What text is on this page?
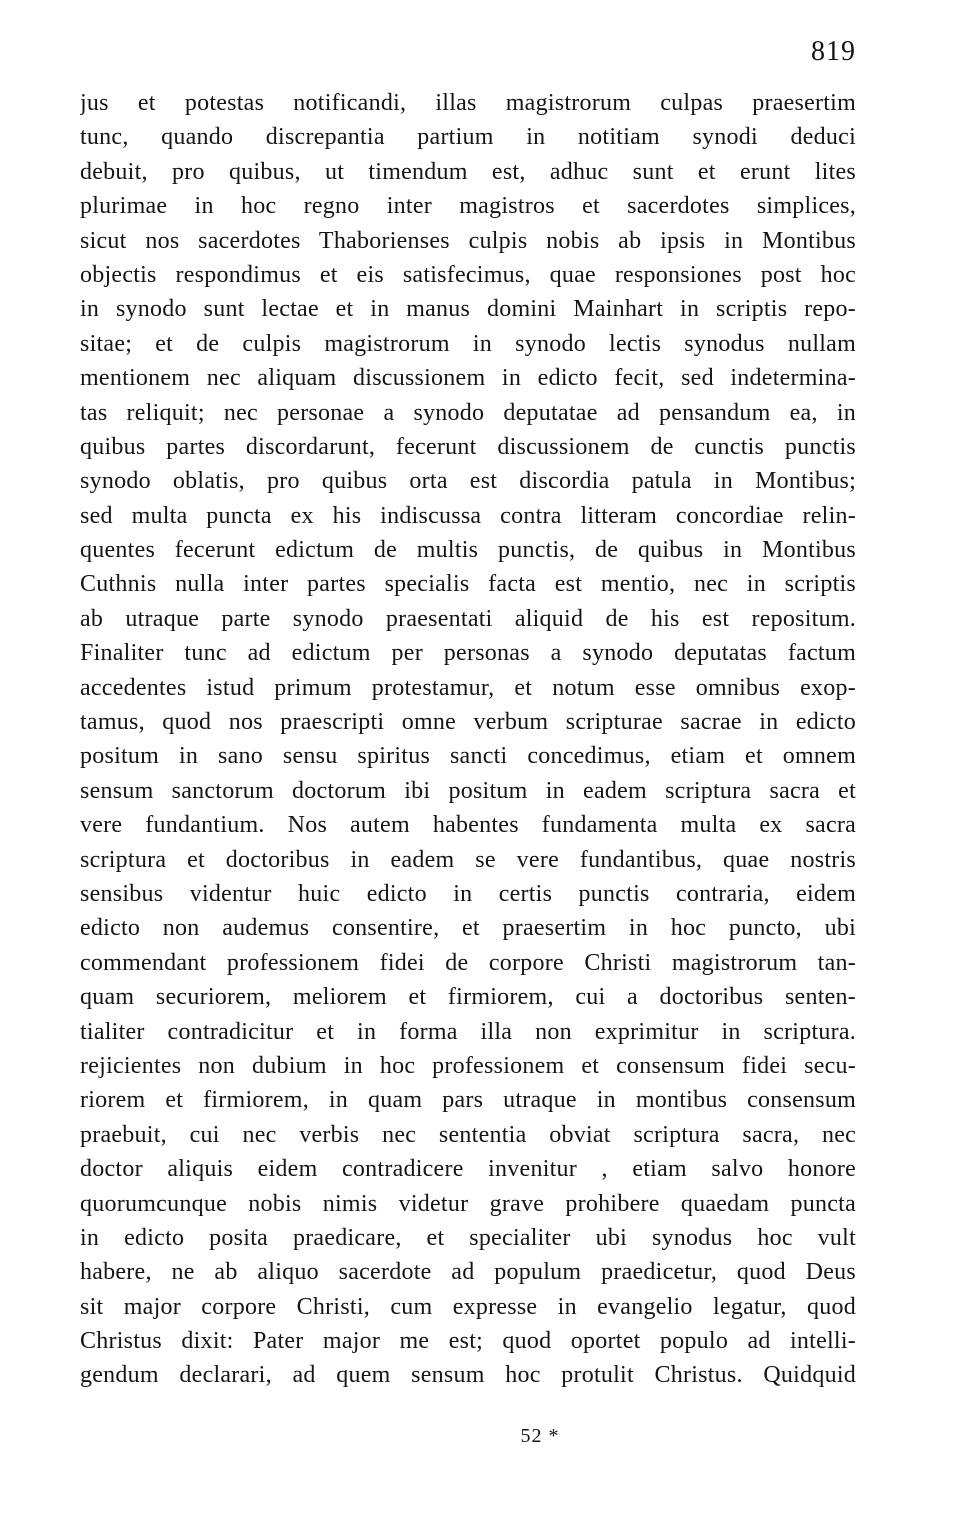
819
jus et potestas notificandi, illas magistrorum culpas praesertim
tunc, quando discrepantia partium in notitiam synodi deduci
debuit, pro quibus, ut timendum est, adhuc sunt et erunt lites
plurimae in hoc regno inter magistros et sacerdotes simplices,
sicut nos sacerdotes Thaborienses culpis nobis ab ipsis in Montibus
objectis respondimus et eis satisfecimus, quae responsiones post hoc
in synodo sunt lectae et in manus domini Mainhart in scriptis repo-
sitae; et de culpis magistrorum in synodo lectis synodus nullam
mentionem nec aliquam discussionem in edicto fecit, sed indetermina-
tas reliquit; nec personae a synodo deputatae ad pensandum ea, in
quibus partes discordarunt, fecerunt discussionem de cunctis punctis
synodo oblatis, pro quibus orta est discordia patula in Montibus;
sed multa puncta ex his indiscussa contra litteram concordiae relin-
quentes fecerunt edictum de multis punctis, de quibus in Montibus
Cuthnis nulla inter partes specialis facta est mentio, nec in scriptis
ab utraque parte synodo praesentati aliquid de his est repositum.
Finaliter tunc ad edictum per personas a synodo deputatas factum
accedentes istud primum protestamur, et notum esse omnibus exop-
tamus, quod nos praescripti omne verbum scripturae sacrae in edicto
positum in sano sensu spiritus sancti concedimus, etiam et omnem
sensum sanctorum doctorum ibi positum in eadem scriptura sacra et
vere fundantium. Nos autem habentes fundamenta multa ex sacra
scriptura et doctoribus in eadem se vere fundantibus, quae nostris
sensibus videntur huic edicto in certis punctis contraria, eidem
edicto non audemus consentire, et praesertim in hoc puncto, ubi
commendant professionem fidei de corpore Christi magistrorum tan-
quam securiorem, meliorem et firmiorem, cui a doctoribus senten-
tialiter contradicitur et in forma illa non exprimitur in scriptura.
rejicientes non dubium in hoc professionem et consensum fidei secu-
riorem et firmiorem, in quam pars utraque in montibus consensum
praebuit, cui nec verbis nec sententia obviat scriptura sacra, nec
doctor aliquis eidem contradicere invenitur , etiam salvo honore
quorumcunque nobis nimis videtur grave prohibere quaedam puncta
in edicto posita praedicare, et specialiter ubi synodus hoc vult
habere, ne ab aliquo sacerdote ad populum praedicetur, quod Deus
sit major corpore Christi, cum expresse in evangelio legatur, quod
Christus dixit: Pater major me est; quod oportet populo ad intelli-
gendum declarari, ad quem sensum hoc protulit Christus. Quidquid
52 *
